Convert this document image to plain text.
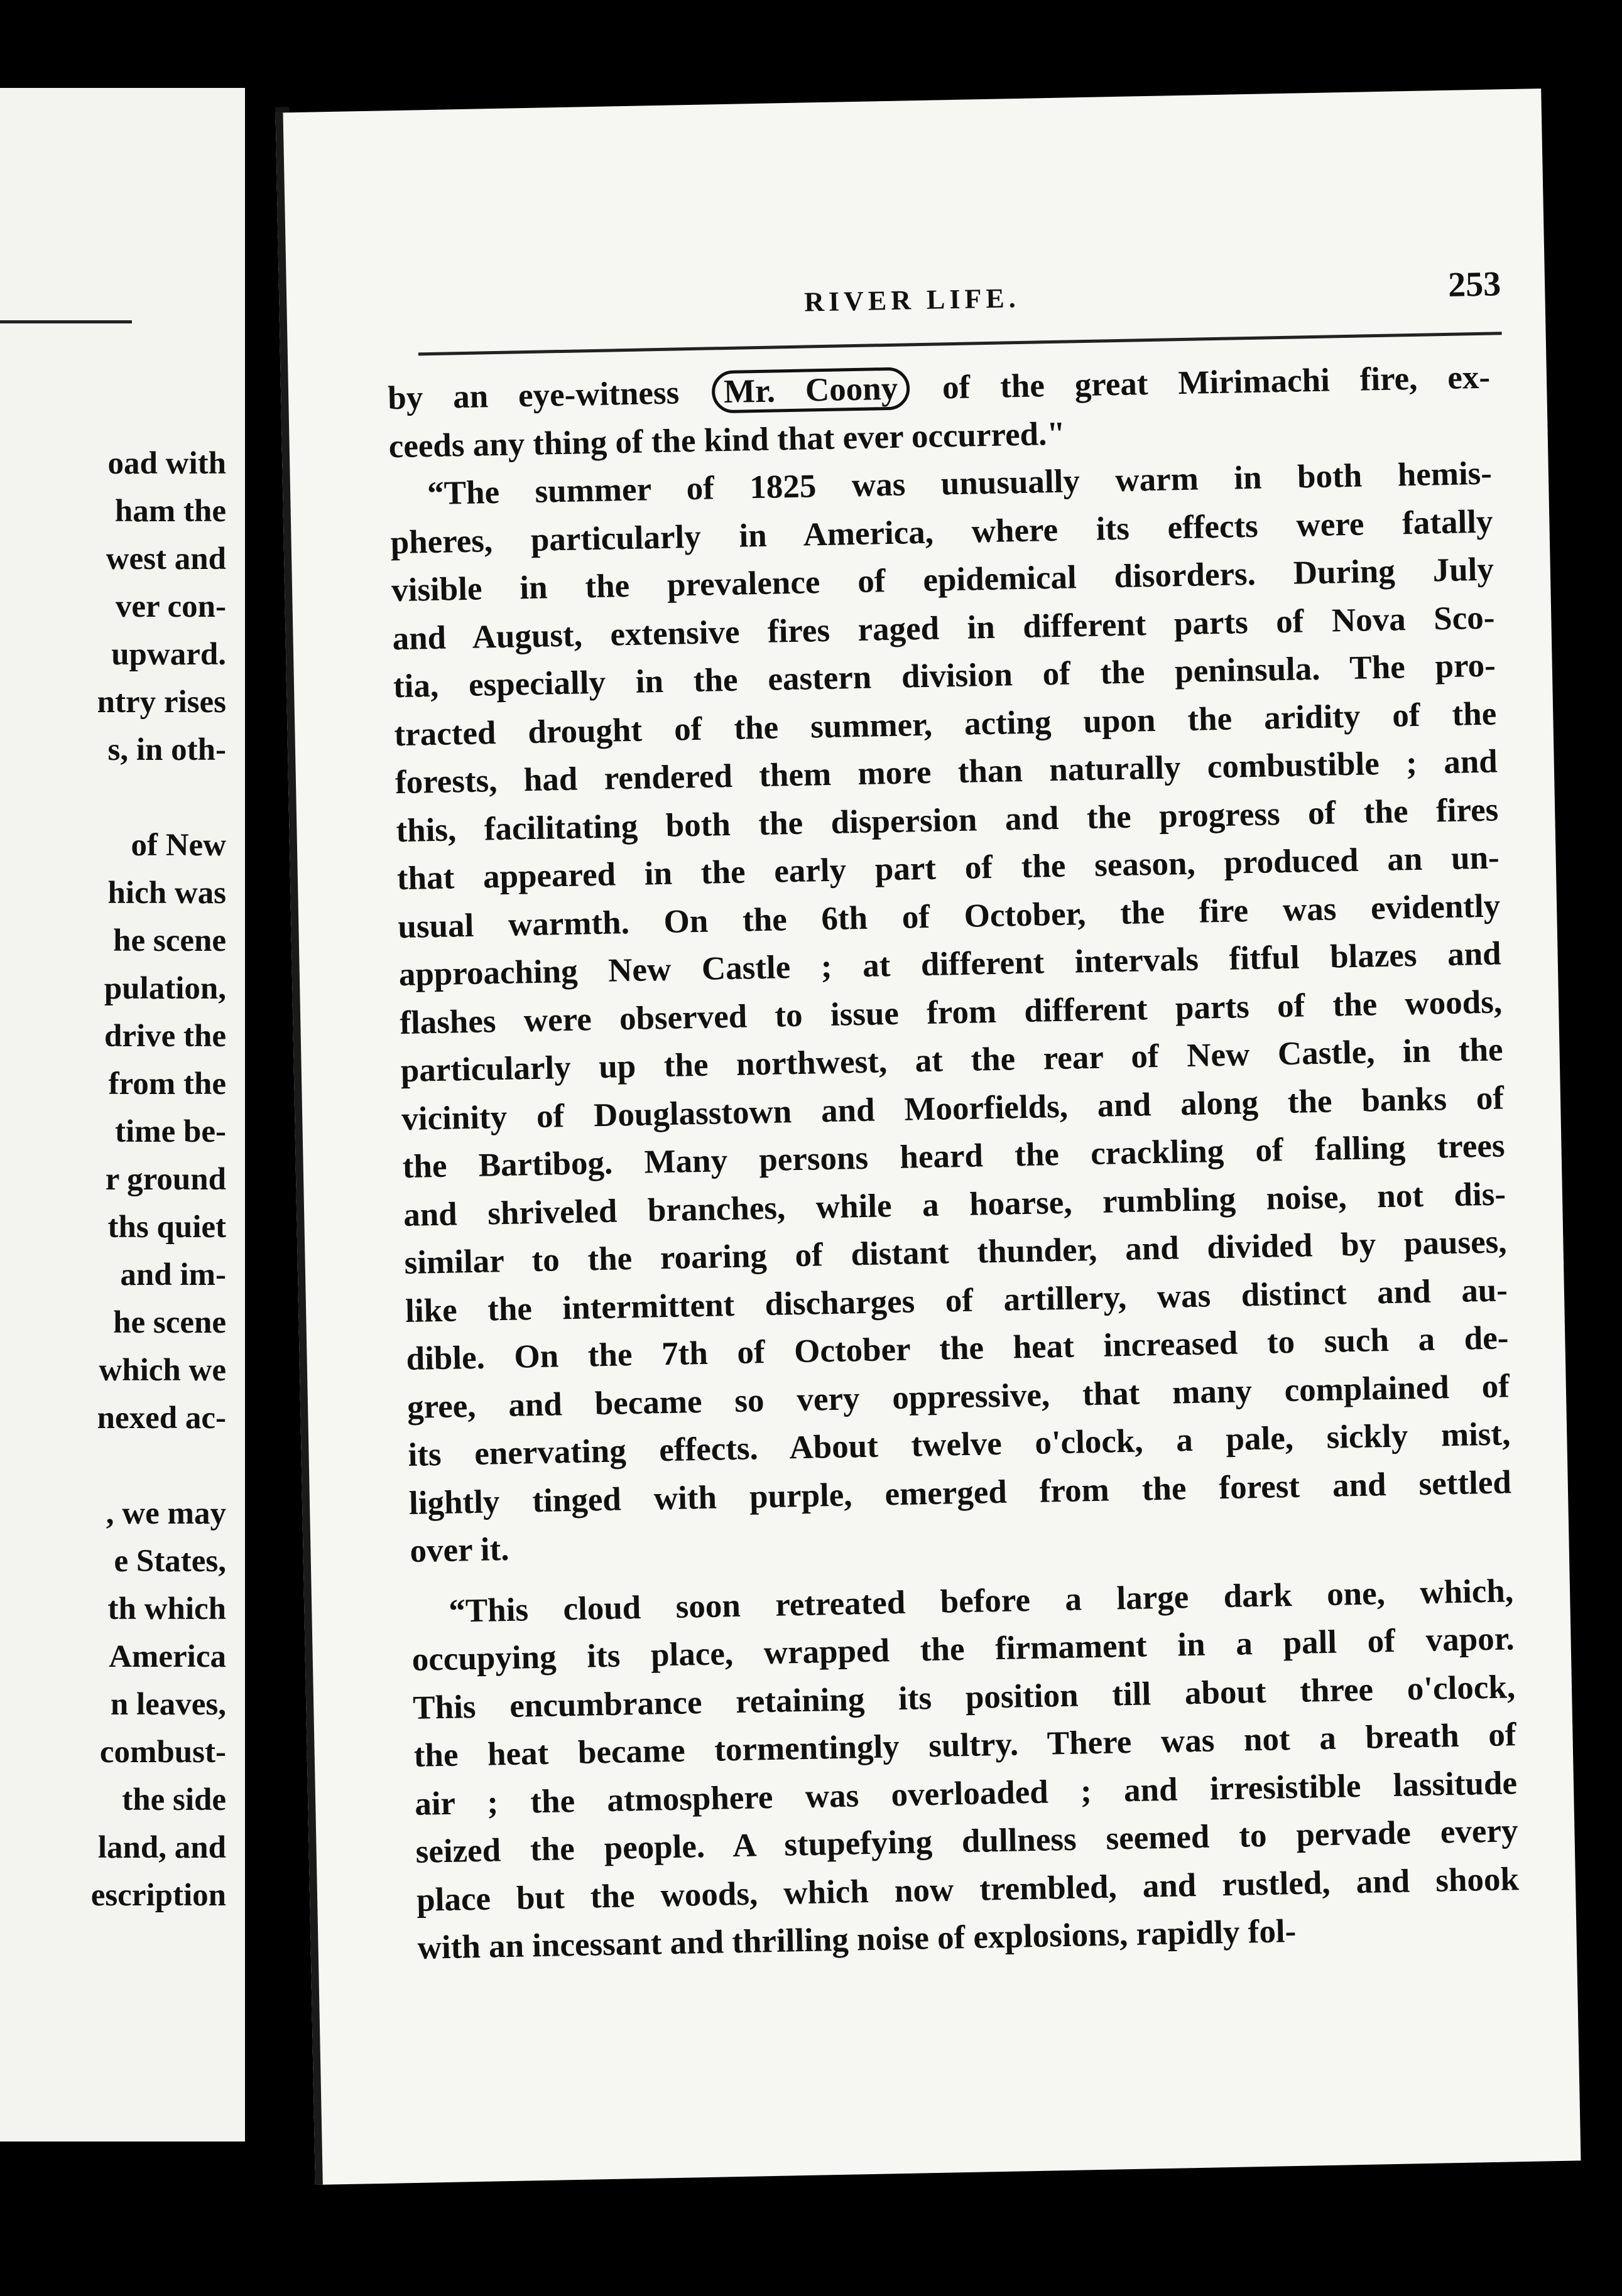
oad with
ham the
west and
ver con-
upward.
ntry rises
s, in oth-
of New
hich was
he scene
pulation,
drive the
from the
time be-
r ground
ths quiet
and im-
he scene
which we
nexed ac-
, we may
e States,
th which
America
n leaves,
combust-
the side
land, and
escription
RIVER LIFE.	253
by an eye-witness Mr. Coony of the great Mirimachi fire, ex-
ceeds any thing of the kind that ever occurred."
“The summer of 1825 was unusually warm in both hemis-
pheres, particularly in America, where its effects were fatally
visible in the prevalence of epidemical disorders. During July
and August, extensive fires raged in different parts of Nova Sco-
tia, especially in the eastern division of the peninsula. The pro-
tracted drought of the summer, acting upon the aridity of the
forests, had rendered them more than naturally combustible ; and
this, facilitating both the dispersion and the progress of the fires
that appeared in the early part of the season, produced an un-
usual warmth. On the 6th of October, the fire was evidently
approaching New Castle ; at different intervals fitful blazes and
flashes were observed to issue from different parts of the woods,
particularly up the northwest, at the rear of New Castle, in the
vicinity of Douglasstown and Moorfields, and along the banks of
the Bartibog. Many persons heard the crackling of falling trees
and shriveled branches, while a hoarse, rumbling noise, not dis-
similar to the roaring of distant thunder, and divided by pauses,
like the intermittent discharges of artillery, was distinct and au-
dible. On the 7th of October the heat increased to such a de-
gree, and became so very oppressive, that many complained of
its enervating effects. About twelve o'clock, a pale, sickly mist,
lightly tinged with purple, emerged from the forest and settled
over it.
“This cloud soon retreated before a large dark one, which,
occupying its place, wrapped the firmament in a pall of vapor.
This encumbrance retaining its position till about three o'clock,
the heat became tormentingly sultry. There was not a breath of
air ; the atmosphere was overloaded ; and irresistible lassitude
seized the people. A stupefying dullness seemed to pervade every
place but the woods, which now trembled, and rustled, and shook
with an incessant and thrilling noise of explosions, rapidly fol-
